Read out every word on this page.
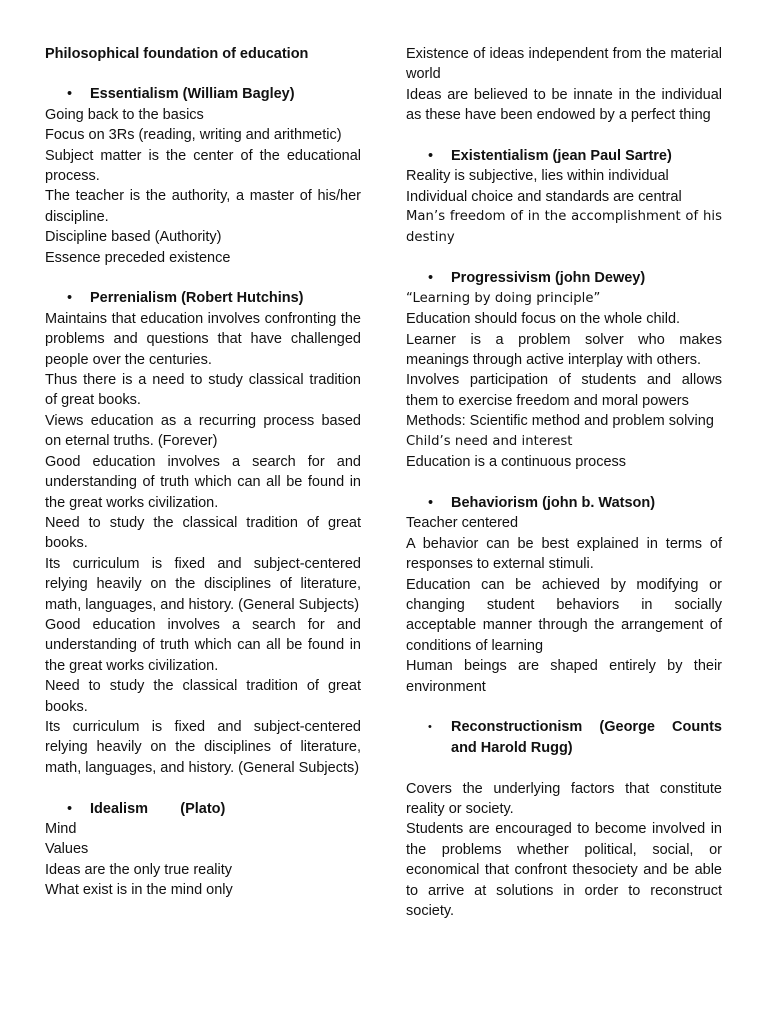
Philosophical foundation of education

• Essentialism (William Bagley)

Going back to the basics

Focus on 3Rs (reading, writing and arithmetic)

Subject matter is the center of the educational process.

The teacher is the authority, a master of his/her discipline.

Discipline based (Authority)

Essence preceded existence

• Perrenialism (Robert Hutchins)

Maintains that education involves confronting the problems and questions that have challenged people over the centuries.

Thus there is a need to study classical tradition of great books.

Views education as a recurring process based on eternal truths. (Forever)

Good education involves a search for and understanding of truth which can all be found in the great works civilization.

Need to study the classical tradition of great books.

Its curriculum is fixed and subject-centered relying heavily on the disciplines of literature, math, languages, and history. (General Subjects)

Good education involves a search for and understanding of truth which can all be found in the great works civilization.

Need to study the classical tradition of great books.

Its curriculum is fixed and subject-centered relying heavily on the disciplines of literature, math, languages, and history. (General Subjects)

• Idealism        (Plato)

Mind

Values

Ideas are the only true reality

What exist is in the mind only

Existence of ideas independent from the material world

Ideas are believed to be innate in the individual as these have been endowed by a perfect thing

• Existentialism (jean Paul Sartre)

Reality is subjective, lies within individual

Individual choice and standards are central

Man’s freedom of in the accomplishment of his destiny

• Progressivism (john Dewey)

“Learning by doing principle”

Education should focus on the whole child.

Learner is a problem solver who makes meanings through active interplay with others.

Involves participation of students and allows them to exercise freedom and moral powers

Methods: Scientific method and problem solving

Child’s need and interest

Education is a continuous process

• Behaviorism (john b. Watson)

Teacher centered

A behavior can be best explained in terms of responses to external stimuli.

Education can be achieved by modifying or changing student behaviors in socially acceptable manner through the arrangement of conditions of learning

Human beings are shaped entirely by their environment

• Reconstructionism (George Counts and Harold Rugg)

Covers the underlying factors that constitute reality or society.

Students are encouraged to become involved in the problems whether political, social, or economical that confront thesociety and be able to arrive at solutions in order to reconstruct society.
